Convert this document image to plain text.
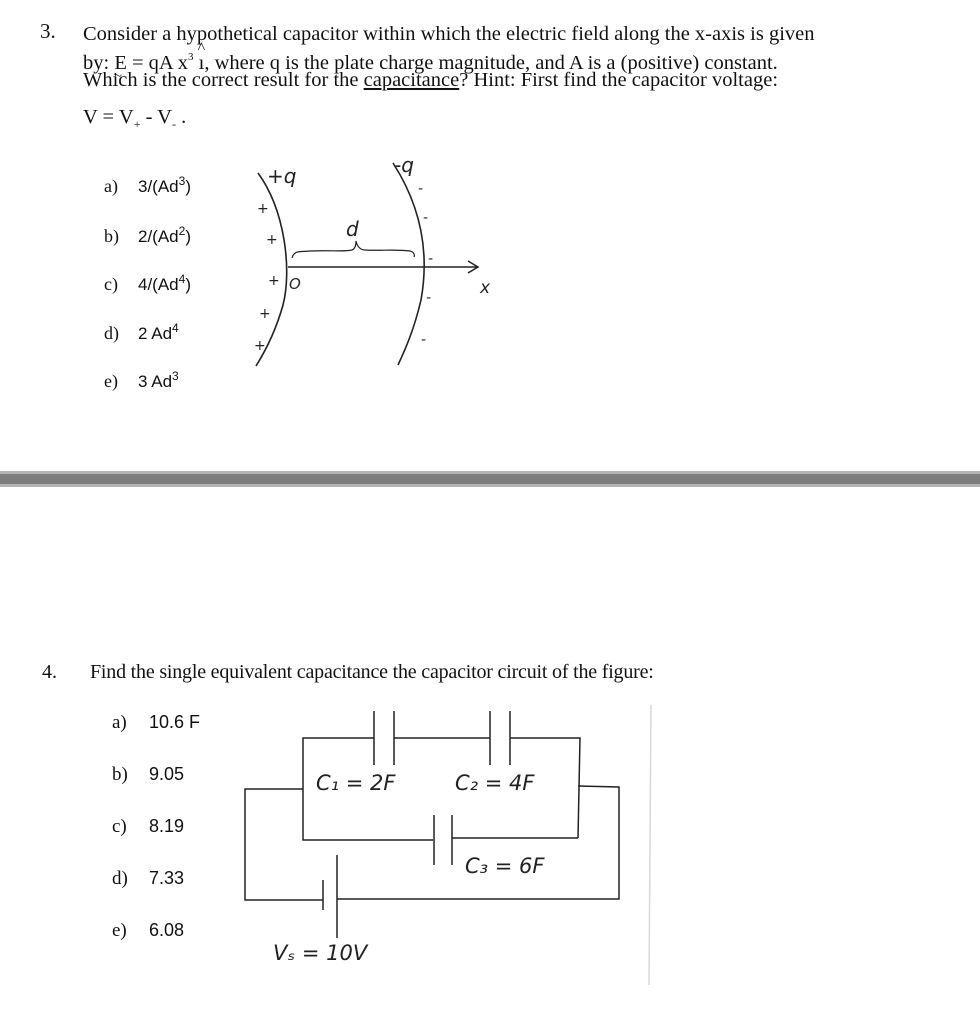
3. Consider a hypothetical capacitor within which the electric field along the x-axis is given
by: E ~ = qA $x^3$ ^ ı, where q is the plate charge magnitude, and A is a (positive) constant.
Which is the correct result for the capacitance? Hint: First find the capacitor voltage:
$V = V_+ - V_-$ .
a) 3/(Ad$^3$)
b) 2/(Ad$^2$)
c) 4/(Ad$^4$)
d) 2 Ad$^4$
e) 3 $Ad^3$
+q	-q
d
O	x
+
+
+
+
+
-
-
-
-
-
4. Find the single equivalent capacitance the capacitor circuit of the figure:
a) 10.6 F
b) 9.05
c) 8.19
d) 7.33
e) 6.08
C₁ = 2F	C₂ = 4F
C₃ = 6F
Vₛ = 10V
